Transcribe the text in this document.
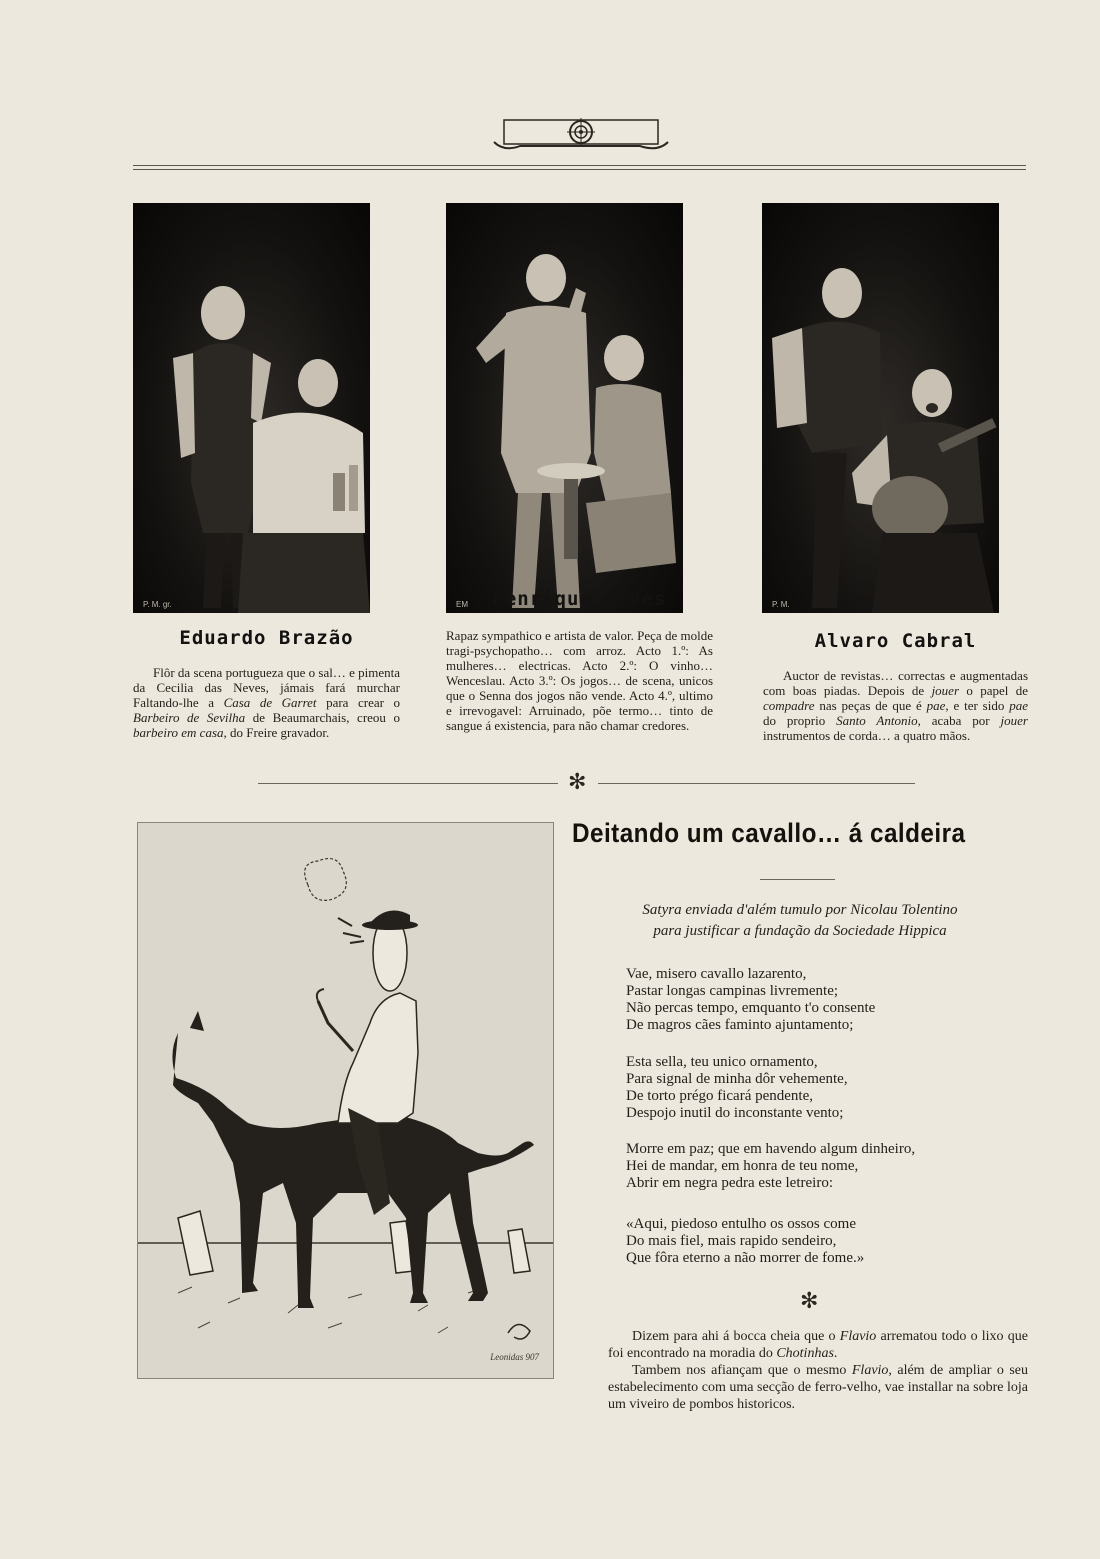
P. M. gr.	EM	P. M.
Eduardo Brazão
Henrique Alves
Alvaro Cabral

Flôr da scena portugueza que o sal… e pimenta da Cecilia das Neves, jámais fará murchar Faltando-lhe a Casa de Garret para crear o Barbeiro de Sevilha de Beaumarchais, creou o barbeiro em casa, do Freire gravador.

Rapaz sympathico e artista de valor. Peça de molde tragi-psychopatho… com arroz. Acto 1.º: As mulheres… electricas. Acto 2.º: O vinho… Wenceslau. Acto 3.º: Os jogos… de scena, unicos que o Senna dos jogos não vende. Acto 4.º, ultimo e irrevogavel: Arruinado, põe termo… tinto de sangue á existencia, para não chamar credores.

Auctor de revistas… correctas e augmentadas com boas piadas. Depois de jouer o papel de compadre nas peças de que é pae, e ter sido pae do proprio Santo Antonio, acaba por jouer instrumentos de corda… a quatro mãos.

✻
Leonidas 907
Deitando um cavallo… á caldeira
Satyra enviada d'além tumulo por Nicolau Tolentino
para justificar a fundação da Sociedade Hippica
Vae, misero cavallo lazarento,
Pastar longas campinas livremente;
Não percas tempo, emquanto t'o consente
De magros cães faminto ajuntamento;
Esta sella, teu unico ornamento,
Para signal de minha dôr vehemente,
De torto prégo ficará pendente,
Despojo inutil do inconstante vento;
Morre em paz; que em havendo algum dinheiro,
Hei de mandar, em honra de teu nome,
Abrir em negra pedra este letreiro:
«Aqui, piedoso entulho os ossos come
Do mais fiel, mais rapido sendeiro,
Que fôra eterno a não morrer de fome.»
✻

Dizem para ahi á bocca cheia que o Flavio arrematou todo o lixo que foi encontrado na moradia do Chotinhas.

Tambem nos afiançam que o mesmo Flavio, além de ampliar o seu estabelecimento com uma secção de ferro-velho, vae installar na sobre loja um viveiro de pombos historicos.
